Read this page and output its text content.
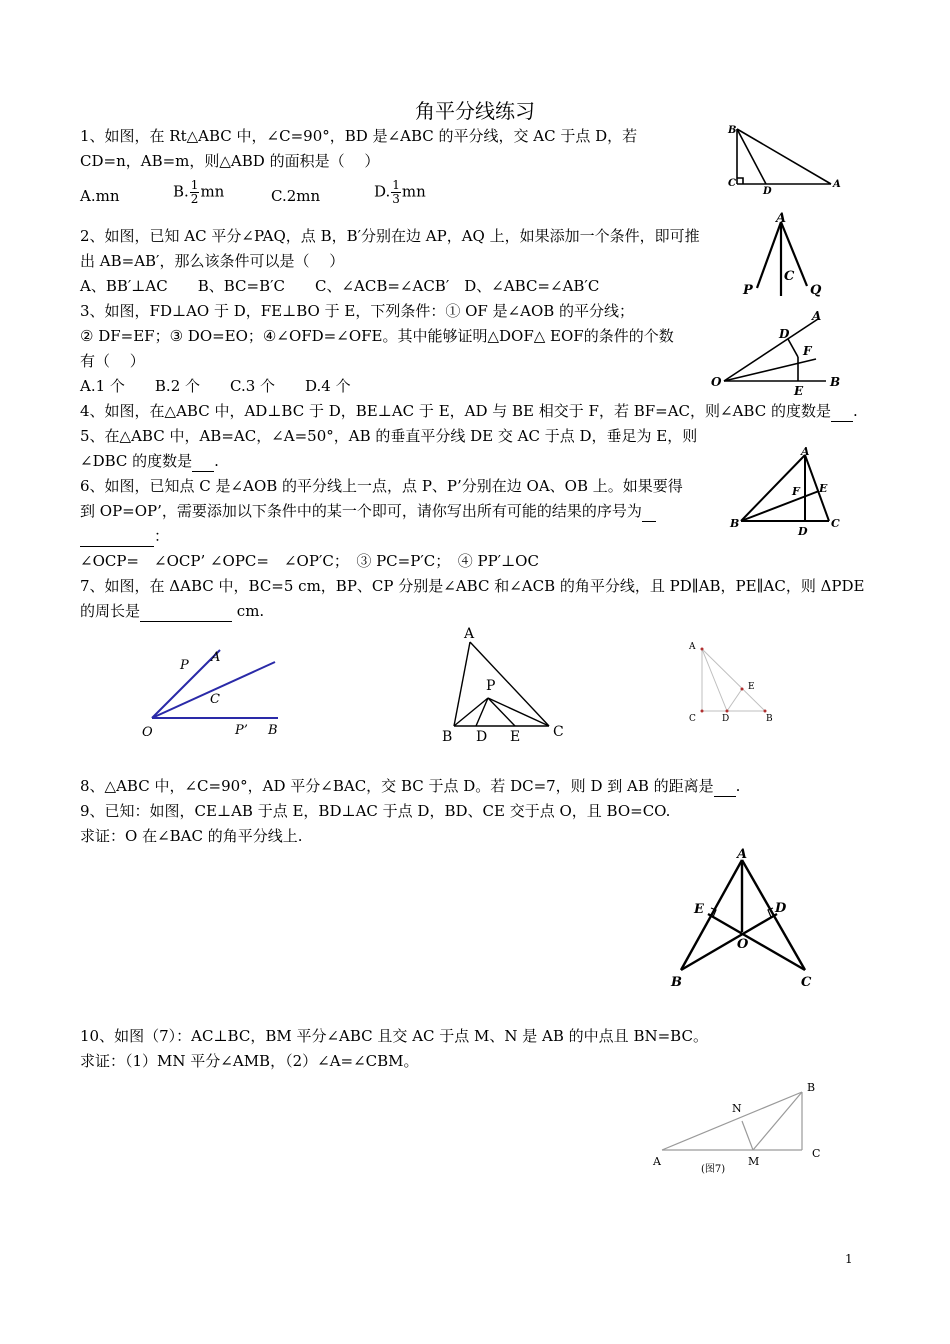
角平分线练习
1、如图，在 Rt△ABC 中，∠C=90°，BD 是∠ABC 的平分线，交 AC 于点 D，若
CD=n，AB=m，则△ABD 的面积是（　 ）
A.mn	B. $\frac{1}{2}$ mn	C.2mn	D. $\frac{1}{3}$ mn
2、如图，已知 AC 平分∠PAQ，点 B，B′分别在边 AP，AQ 上，如果添加一个条件，即可推
出 AB=AB′，那么该条件可以是（　 ）
A、BB′⊥AC　　B、BC=B′C　　C、∠ACB=∠ACB′　D、∠ABC=∠AB′C
3、如图，FD⊥AO 于 D，FE⊥BO 于 E，下列条件：① OF 是∠AOB 的平分线；
② DF=EF；③ DO=EO；④∠OFD=∠OFE。其中能够证明△DOF△ EOF的条件的个数
有（　 ）
A.1 个　　B.2 个　　C.3 个　　D.4 个
4、如图，在△ABC 中，AD⊥BC 于 D，BE⊥AC 于 E，AD 与 BE 相交于 F，若 BF=AC，则∠ABC 的度数是 .
5、在△ABC 中，AB=AC，∠A=50°，AB 的垂直平分线 DE 交 AC 于点 D，垂足为 E，则
∠DBC 的度数是 .
6、如图，已知点 C 是∠AOB 的平分线上一点，点 P、P’分别在边 OA、OB 上。如果要得
到 OP=OP’，需要添加以下条件中的某一个即可，请你写出所有可能的结果的序号为
：
∠OCP=　∠OCP’ ∠OPC=　∠OP′C；　③ PC=P′C；　④ PP′⊥OC
7、如图，在 ΔABC 中，BC=5 cm，BP、CP 分别是∠ABC 和∠ACB 的角平分线，且 PD∥AB，PE∥AC，则 ΔPDE
的周长是	cm.
8、△ABC 中，∠C=90°，AD 平分∠BAC，交 BC 于点 D。若 DC=7，则 D 到 AB 的距离是 .
9、已知：如图，CE⊥AB 于点 E，BD⊥AC 于点 D，BD、CE 交于点 O，且 BO=CO.
求证：O 在∠BAC 的角平分线上.
10、如图（7）：AC⊥BC，BM 平分∠ABC 且交 AC 于点 M、N 是 AB 的中点且 BN=BC。
求证：（1）MN 平分∠AMB，（2）∠A=∠CBM。
B
C
D
A
A
C
P	Q
D
A
F
O
E
B
A
F E
B
D
C
P
A
C
O	P’ B
A
P
B D E C
A
E
C	D	B
A
E	D
O
B	C
B
N
C
A	M
(图7)
1
